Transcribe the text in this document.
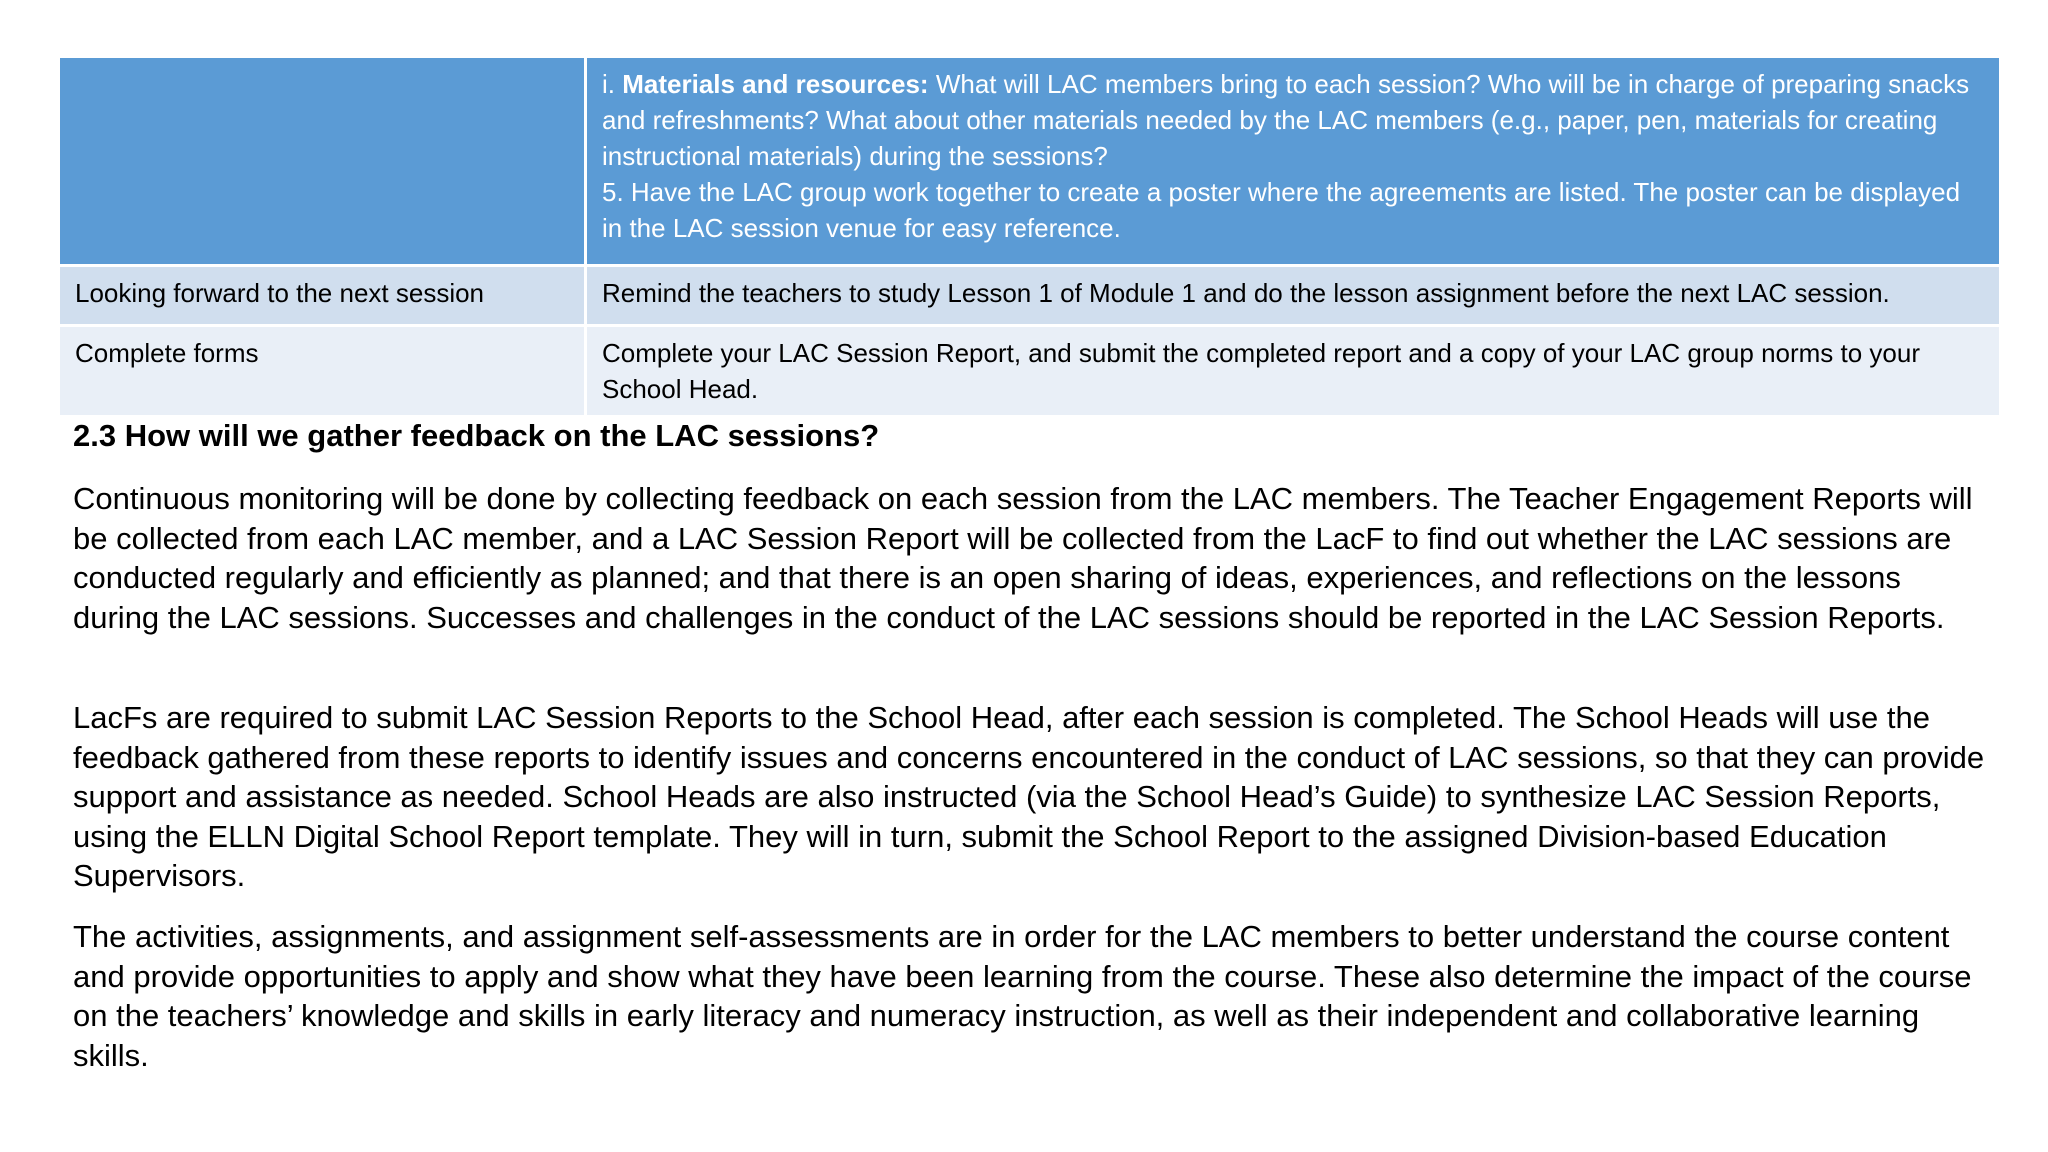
	i. Materials and resources: What will LAC members bring to each session? Who will be in charge of preparing snacks and refreshments? What about other materials needed by the LAC members (e.g., paper, pen, materials for creating instructional materials) during the sessions?
5. Have the LAC group work together to create a poster where the agreements are listed. The poster can be displayed in the LAC session venue for easy reference.
Looking forward to the next session	Remind the teachers to study Lesson 1 of Module 1 and do the lesson assignment before the next LAC session.
Complete forms	Complete your LAC Session Report, and submit the completed report and a copy of your LAC group norms to your School Head.
2.3 How will we gather feedback on the LAC sessions?

Continuous monitoring will be done by collecting feedback on each session from the LAC members. The Teacher Engagement Reports will be collected from each LAC member, and a LAC Session Report will be collected from the LacF to find out whether the LAC sessions are conducted regularly and efficiently as planned; and that there is an open sharing of ideas, experiences, and reflections on the lessons during the LAC sessions. Successes and challenges in the conduct of the LAC sessions should be reported in the LAC Session Reports.

LacFs are required to submit LAC Session Reports to the School Head, after each session is completed. The School Heads will use the feedback gathered from these reports to identify issues and concerns encountered in the conduct of LAC sessions, so that they can provide support and assistance as needed. School Heads are also instructed (via the School Head’s Guide) to synthesize LAC Session Reports, using the ELLN Digital School Report template. They will in turn, submit the School Report to the assigned Division-based Education Supervisors.

The activities, assignments, and assignment self-assessments are in order for the LAC members to better understand the course content and provide opportunities to apply and show what they have been learning from the course. These also determine the impact of the course on the teachers’ knowledge and skills in early literacy and numeracy instruction, as well as their independent and collaborative learning skills.
